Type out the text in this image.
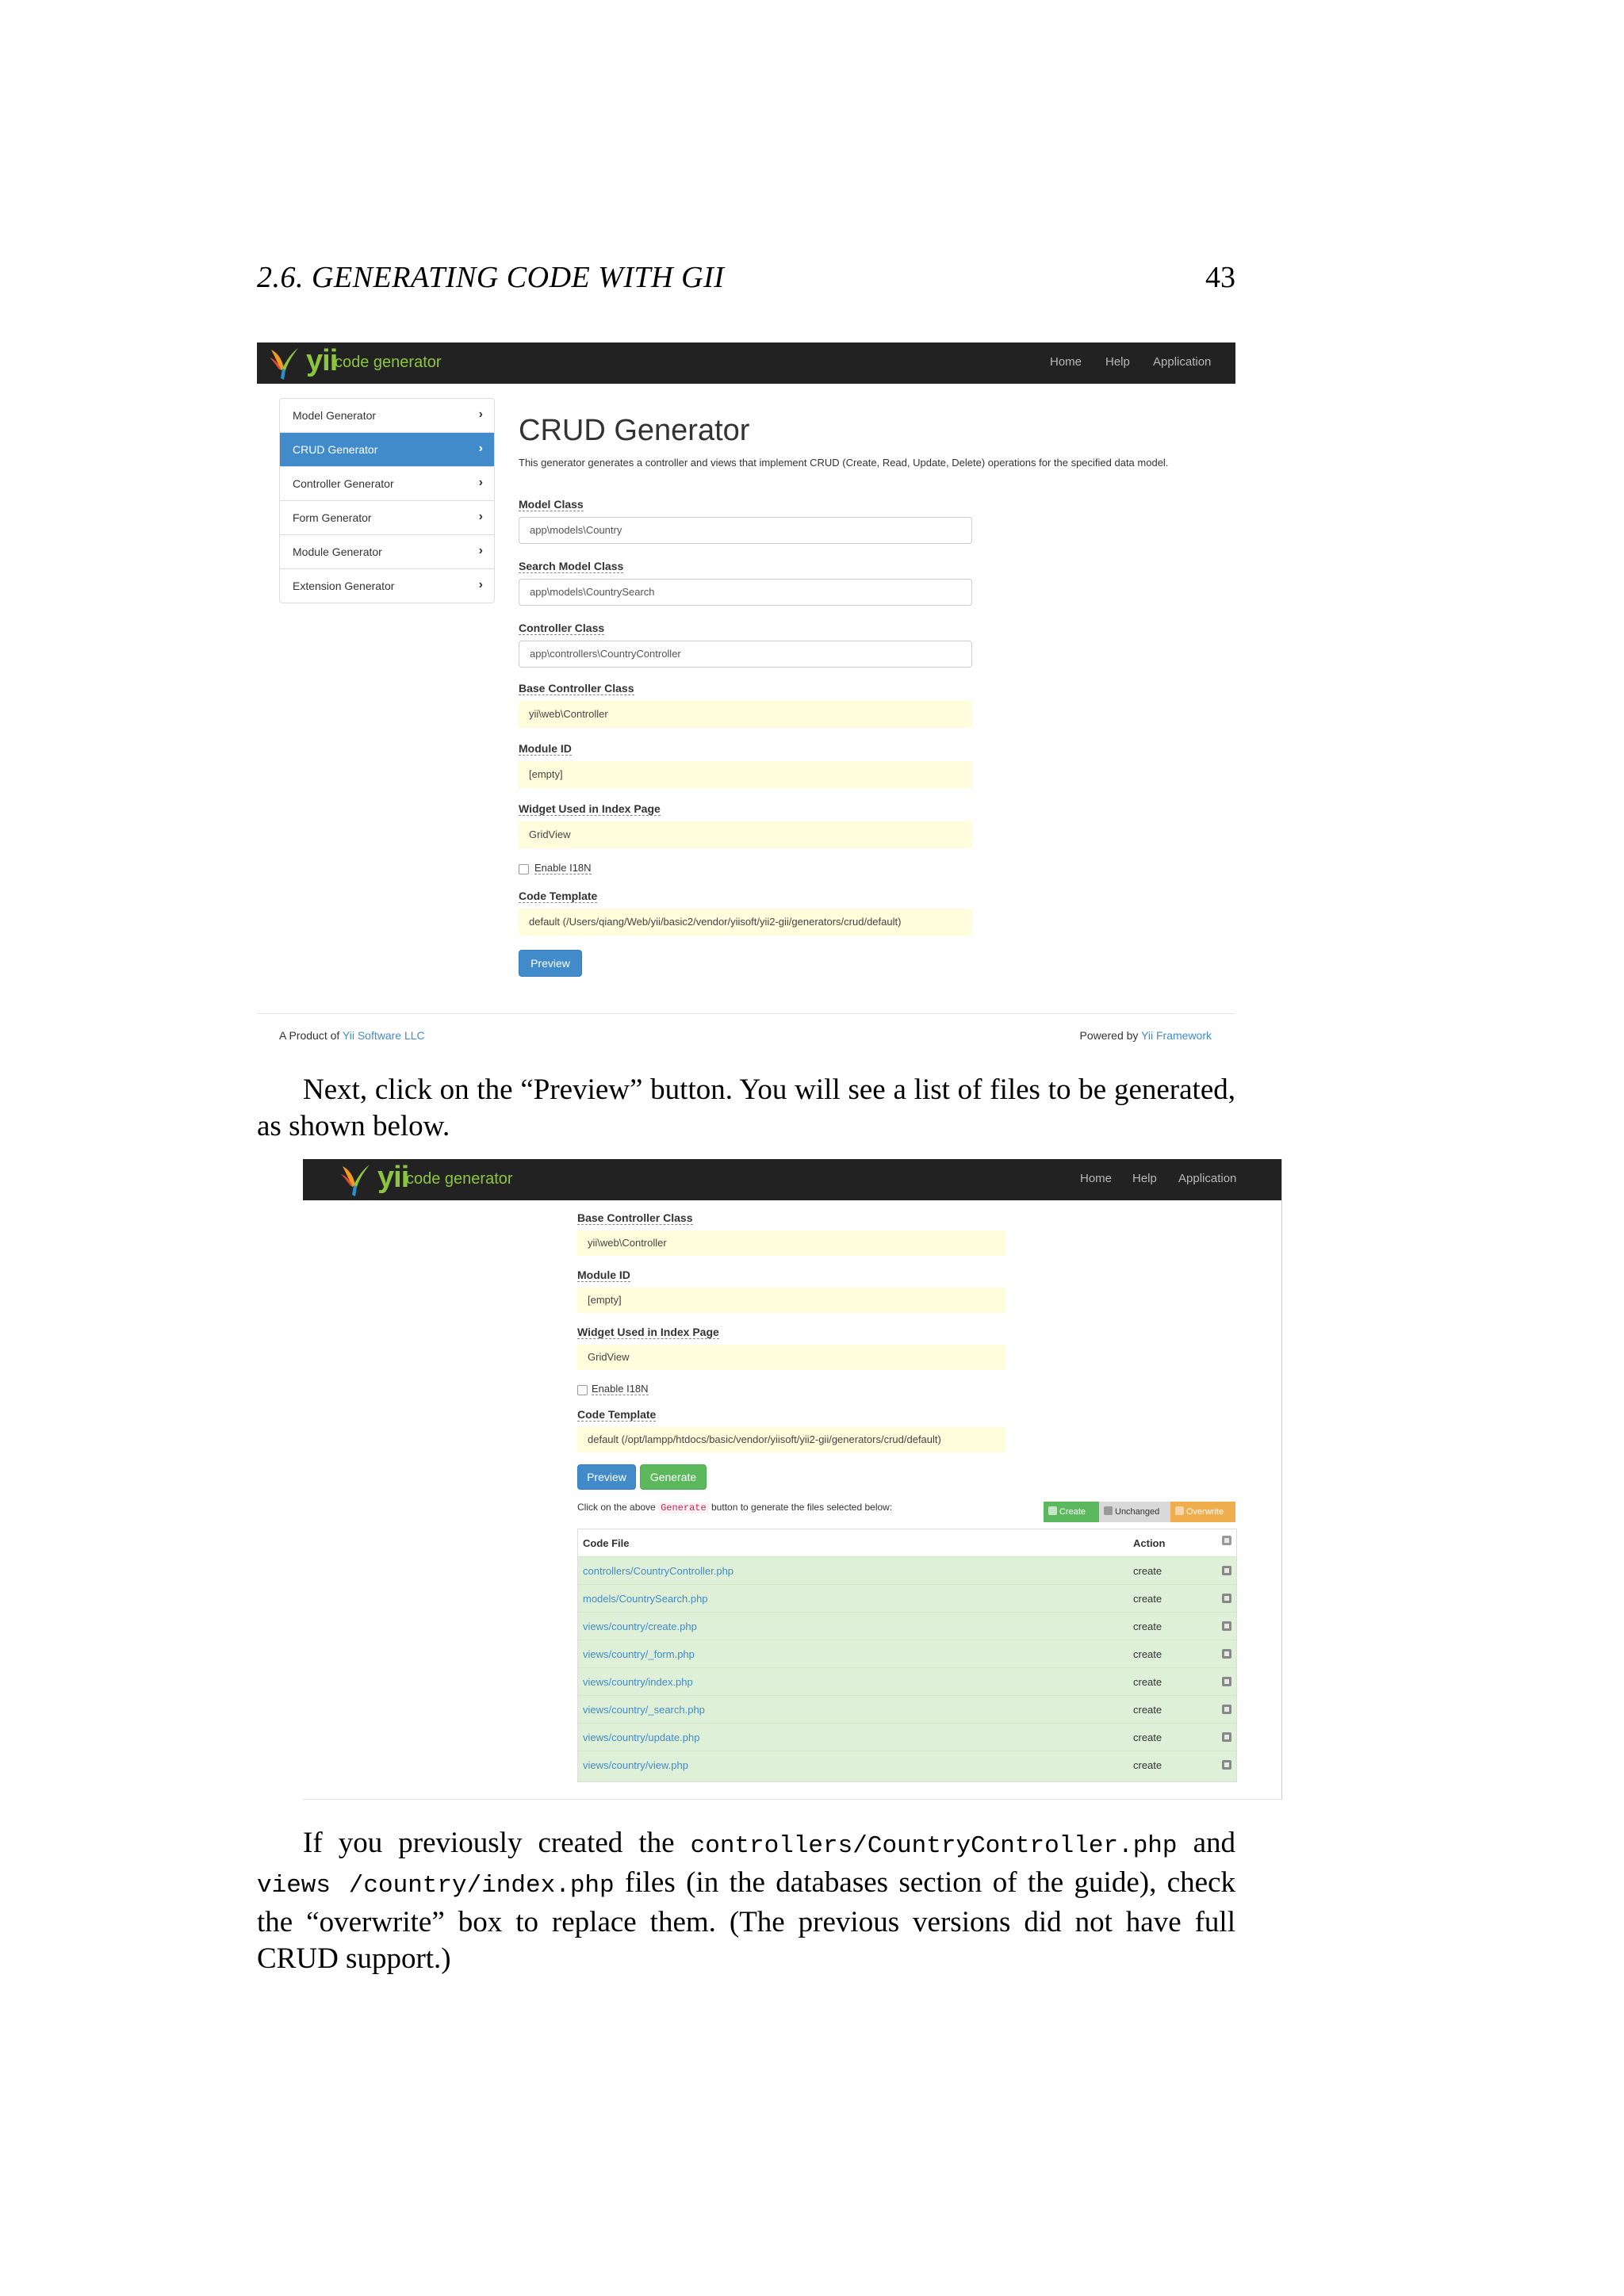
2.6. GENERATING CODE WITH GII	43
yii
code generator	Home Help Application
Model Generator	›
CRUD Generator	›
Controller Generator	›
Form Generator	›
Module Generator	›
Extension Generator	›
CRUD Generator
This generator generates a controller and views that implement CRUD (Create, Read, Update, Delete) operations for the specified data model.
Model Class
app\models\Country
Search Model Class
app\models\CountrySearch
Controller Class
app\controllers\CountryController
Base Controller Class
yii\web\Controller
Module ID
[empty]
Widget Used in Index Page
GridView
Enable I18N
Code Template
default (/Users/qiang/Web/yii/basic2/vendor/yiisoft/yii2-gii/generators/crud/default)
Preview
A Product of Yii Software LLC	Powered by Yii Framework
Next, click on the “Preview” button. You will see a list of files to be generated, as shown below.
yii
code generator	Home Help Application
Base Controller Class
yii\web\Controller
Module ID
[empty]
Widget Used in Index Page
GridView
Enable I18N
Code Template
default (/opt/lampp/htdocs/basic/vendor/yiisoft/yii2-gii/generators/crud/default)
Preview	Generate
Click on the above Generate button to generate the files selected below:	Create	Unchanged	Overwrite
Code File	Action
controllers/CountryController.php	create
models/CountrySearch.php	create
views/country/create.php	create
views/country/_form.php	create
views/country/index.php	create
views/country/_search.php	create
views/country/update.php	create
views/country/view.php	create
If you previously created the controllers/CountryController.php and views /country/index.php files (in the databases section of the guide), check the “overwrite” box to replace them. (The previous versions did not have full CRUD support.)
